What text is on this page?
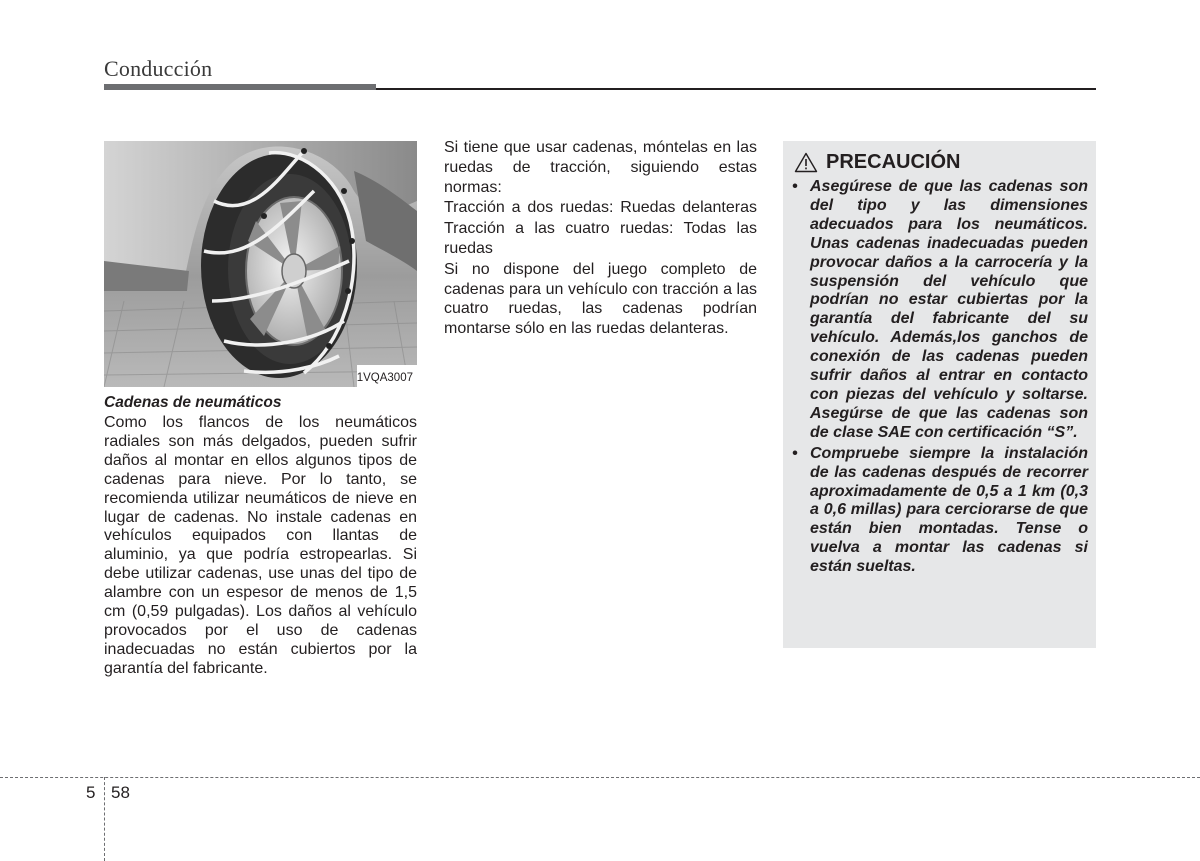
Conducción
1VQA3007
Cadenas de neumáticos
Como los flancos de los neumáticos radiales son más delgados, pueden sufrir daños al montar en ellos algunos tipos de cadenas para nieve. Por lo tanto, se recomienda utilizar neumáticos de nieve en lugar de cadenas. No instale cadenas en vehículos equipados con llantas de aluminio, ya que podría estropearlas. Si debe utilizar cadenas, use unas del tipo de alambre con un espesor de menos de 1,5 cm (0,59 pulgadas). Los daños al vehículo provocados por el uso de cadenas inadecuadas no están cubiertos por la garantía del fabricante.

Si tiene que usar cadenas, móntelas en las ruedas de tracción, siguiendo estas normas:

Tracción a dos ruedas: Ruedas delanteras

Tracción a las cuatro ruedas: Todas las ruedas

Si no dispone del juego completo de cadenas para un vehículo con tracción a las cuatro ruedas, las cadenas podrían montarse sólo en las ruedas delanteras.

PRECAUCIÓN
• Asegúrese de que las cadenas son del tipo y las dimensiones adecuados para los neumáticos. Unas cadenas inadecuadas pueden provocar daños a la carrocería y la suspensión del vehículo que podrían no estar cubiertas por la garantía del fabricante del su vehículo. Además,los ganchos de conexión de las cadenas pueden sufrir daños al entrar en contacto con piezas del vehículo y soltarse. Asegúrse de que las cadenas son de clase SAE con certificación “S”.
• Compruebe siempre la instalación de las cadenas después de recorrer aproximadamente de 0,5 a 1 km (0,3 a 0,6 millas) para cerciorarse de que están bien montadas. Tense o vuelva a montar las cadenas si están sueltas.
5 58
